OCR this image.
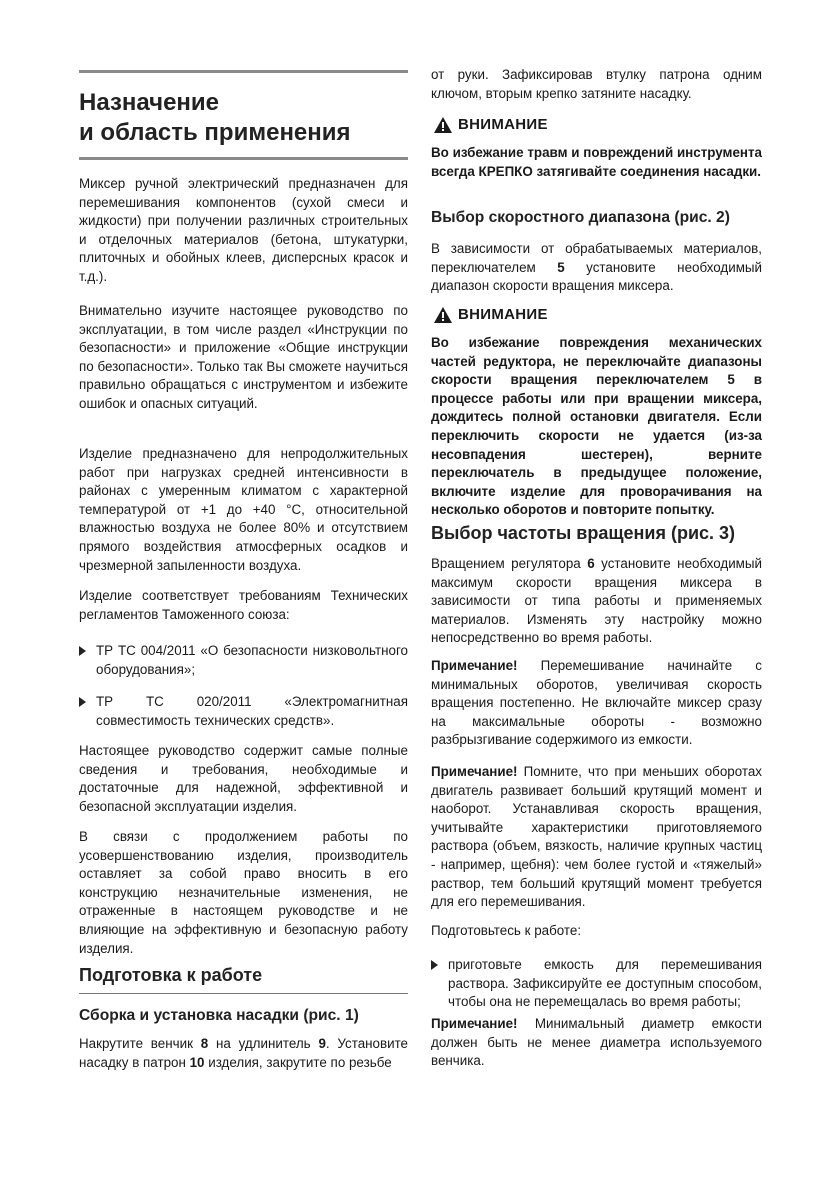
Назначение
и область применения

Миксер ручной электрический предназначен для перемешивания компонентов (сухой смеси и жидкости) при получении различных строительных и отделочных материалов (бетона, штукатурки, плиточных и обойных клеев, дисперсных красок и т.д.).

Внимательно изучите настоящее руководство по эксплуатации, в том числе раздел «Инструкции по безопасности» и приложение «Общие инструкции по безопасности». Только так Вы сможете научиться правильно обращаться с инструментом и избежите ошибок и опасных ситуаций.

Изделие предназначено для непродолжительных работ при нагрузках средней интенсивности в районах с умеренным климатом с характерной температурой от +1 до +40 °С, относительной влажностью воздуха не более 80% и отсутствием прямого воздействия атмосферных осадков и чрезмерной запыленности воздуха.

Изделие соответствует требованиям Технических регламентов Таможенного союза:

ТР ТС 004/2011 «О безопасности низковольтного оборудования»;

ТР ТС 020/2011 «Электромагнитная совместимость технических средств».

Настоящее руководство содержит самые полные сведения и требования, необходимые и достаточные для надежной, эффективной и безопасной эксплуатации изделия.

В связи с продолжением работы по усовершенствованию изделия, производитель оставляет за собой право вносить в его конструкцию незначительные изменения, не отраженные в настоящем руководстве и не влияющие на эффективную и безопасную работу изделия.

Подготовка к работе
Сборка и установка насадки (рис. 1)

Накрутите венчик 8 на удлинитель 9. Установите насадку в патрон 10 изделия, закрутите по резьбе

от руки. Зафиксировав втулку патрона одним ключом, вторым крепко затяните насадку.

ВНИМАНИЕ

Во избежание травм и повреждений инструмента всегда КРЕПКО затягивайте соединения насадки.

Выбор скоростного диапазона (рис. 2)

В зависимости от обрабатываемых материалов, переключателем 5 установите необходимый диапазон скорости вращения миксера.

ВНИМАНИЕ

Во избежание повреждения механических частей редуктора, не переключайте диапазоны скорости вращения переключателем 5 в процессе работы или при вращении миксера, дождитесь полной остановки двигателя. Если переключить скорости не удается (из-за несовпадения шестерен), верните переключатель в предыдущее положение, включите изделие для проворачивания на несколько оборотов и повторите попытку.

Выбор частоты вращения (рис. 3)

Вращением регулятора 6 установите необходимый максимум скорости вращения миксера в зависимости от типа работы и применяемых материалов. Изменять эту настройку можно непосредственно во время работы.

Примечание! Перемешивание начинайте с минимальных оборотов, увеличивая скорость вращения постепенно. Не включайте миксер сразу на максимальные обороты - возможно разбрызгивание содержимого из емкости.

Примечание! Помните, что при меньших оборотах двигатель развивает больший крутящий момент и наоборот. Устанавливая скорость вращения, учитывайте характеристики приготовляемого раствора (объем, вязкость, наличие крупных частиц - например, щебня): чем более густой и «тяжелый» раствор, тем больший крутящий момент требуется для его перемешивания.

Подготовьтесь к работе:

приготовьте емкость для перемешивания раствора. Зафиксируйте ее доступным способом, чтобы она не перемещалась во время работы;

Примечание! Минимальный диаметр емкости должен быть не менее диаметра используемого венчика.
